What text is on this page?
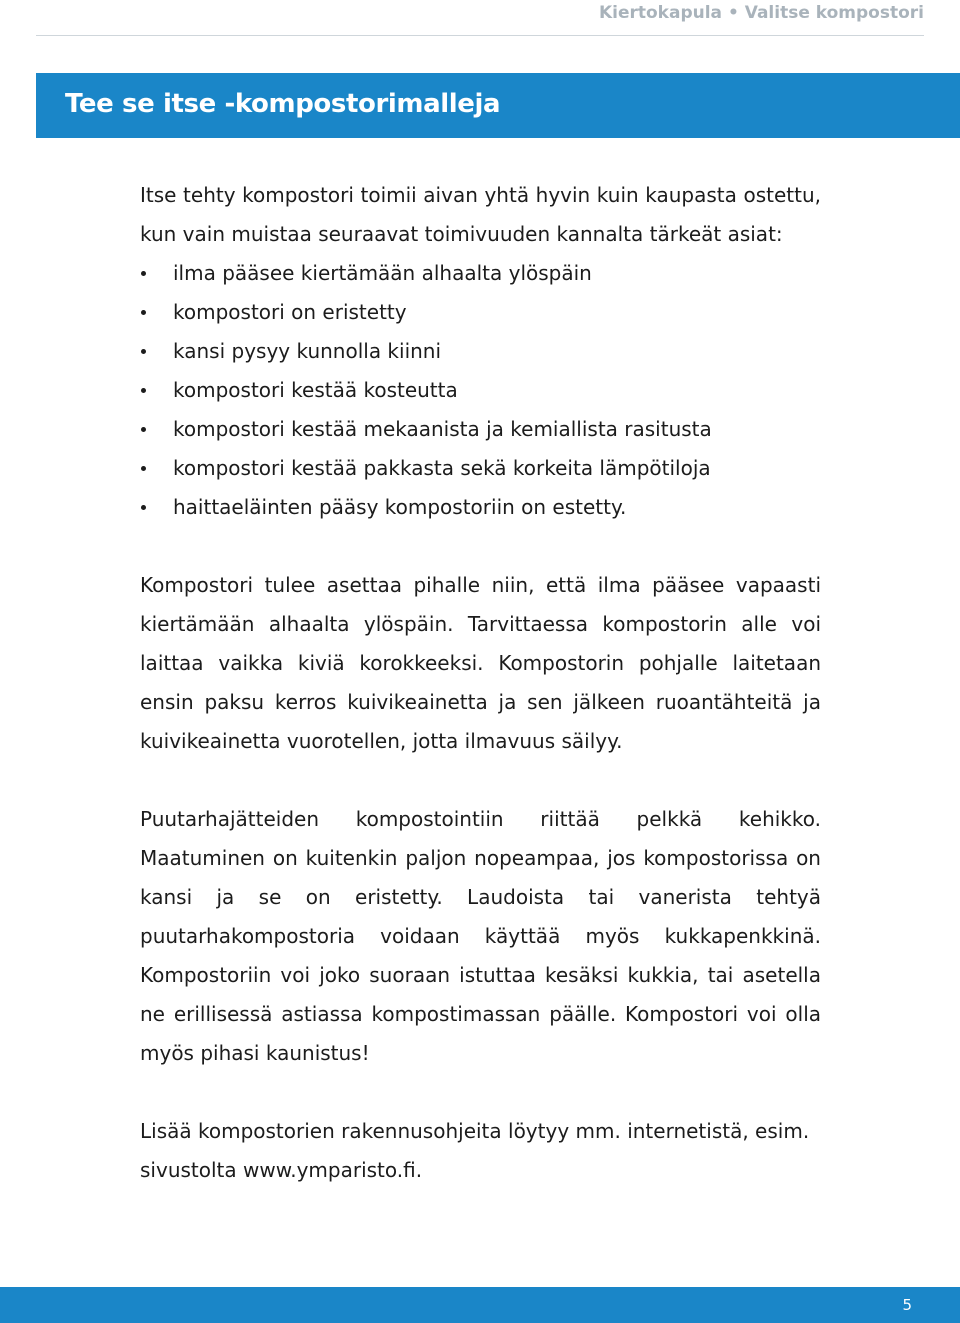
Kiertokapula • Valitse kompostori
Tee se itse -kompostorimalleja

Itse tehty kompostori toimii aivan yhtä hyvin kuin kaupasta ostettu, kun vain muistaa seuraavat toimivuuden kannalta tärkeät asiat:

ilma pääsee kiertämään alhaalta ylöspäin
kompostori on eristetty
kansi pysyy kunnolla kiinni
kompostori kestää kosteutta
kompostori kestää mekaanista ja kemiallista rasitusta
kompostori kestää pakkasta sekä korkeita lämpötiloja
haittaeläinten pääsy kompostoriin on estetty.

Kompostori tulee asettaa pihalle niin, että ilma pääsee vapaasti kiertämään alhaalta ylöspäin. Tarvittaessa kompostorin alle voi laittaa vaikka kiviä korokkeeksi. Kompostorin pohjalle laitetaan ensin paksu kerros kuivikeainetta ja sen jälkeen ruoantähteitä ja kuivikeainetta vuorotellen, jotta ilmavuus säilyy.

Puutarhajätteiden kompostointiin riittää pelkkä kehikko. Maatuminen on kuitenkin paljon nopeampaa, jos kompostorissa on kansi ja se on eristetty. Laudoista tai vanerista tehtyä puutarhakompostoria voidaan käyttää myös kukkapenkkinä. Kompostoriin voi joko suoraan istuttaa kesäksi kukkia, tai asetella ne erillisessä astiassa kompostimassan päälle. Kompostori voi olla myös pihasi kaunistus!

Lisää kompostorien rakennusohjeita löytyy mm. internetistä, esim. sivustolta www.ymparisto.fi.

5
